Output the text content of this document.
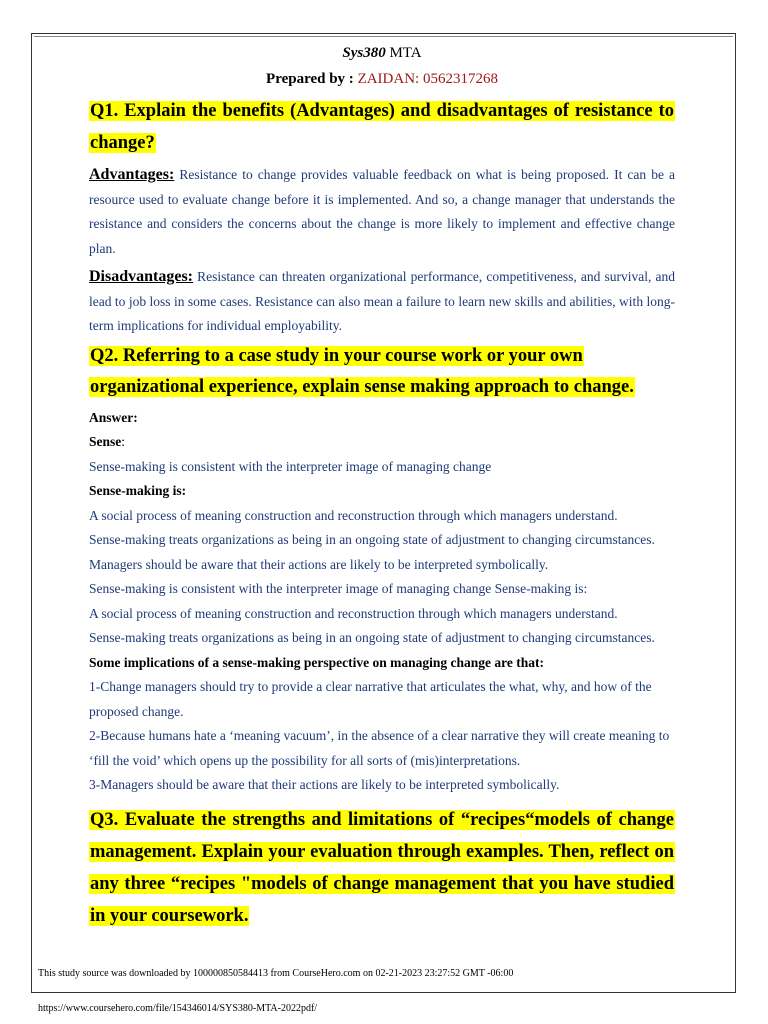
Sys380 MTA
Prepared by : ZAIDAN: 0562317268
Q1. Explain the benefits (Advantages) and disadvantages of resistance to change?
Advantages: Resistance to change provides valuable feedback on what is being proposed. It can be a resource used to evaluate change before it is implemented. And so, a change manager that understands the resistance and considers the concerns about the change is more likely to implement and effective change plan.
Disadvantages: Resistance can threaten organizational performance, competitiveness, and survival, and lead to job loss in some cases. Resistance can also mean a failure to learn new skills and abilities, with long-term implications for individual employability.
Q2. Referring to a case study in your course work or your own organizational experience, explain sense making approach to change.
Answer:
Sense:
Sense-making is consistent with the interpreter image of managing change
Sense-making is:
A social process of meaning construction and reconstruction through which managers understand.
Sense-making treats organizations as being in an ongoing state of adjustment to changing circumstances.
Managers should be aware that their actions are likely to be interpreted symbolically.
Sense-making is consistent with the interpreter image of managing change Sense-making is:
A social process of meaning construction and reconstruction through which managers understand.
Sense-making treats organizations as being in an ongoing state of adjustment to changing circumstances.
Some implications of a sense-making perspective on managing change are that:
1-Change managers should try to provide a clear narrative that articulates the what, why, and how of the proposed change.
2-Because humans hate a ‘meaning vacuum’, in the absence of a clear narrative they will create meaning to ‘fill the void’ which opens up the possibility for all sorts of (mis)interpretations.
3-Managers should be aware that their actions are likely to be interpreted symbolically.
Q3. Evaluate the strengths and limitations of “recipes“models of change management. Explain your evaluation through examples. Then, reflect on any three “recipes "models of change management that you have studied in your coursework.
This study source was downloaded by 100000850584413 from CourseHero.com on 02-21-2023 23:27:52 GMT -06:00
https://www.coursehero.com/file/154346014/SYS380-MTA-2022pdf/
